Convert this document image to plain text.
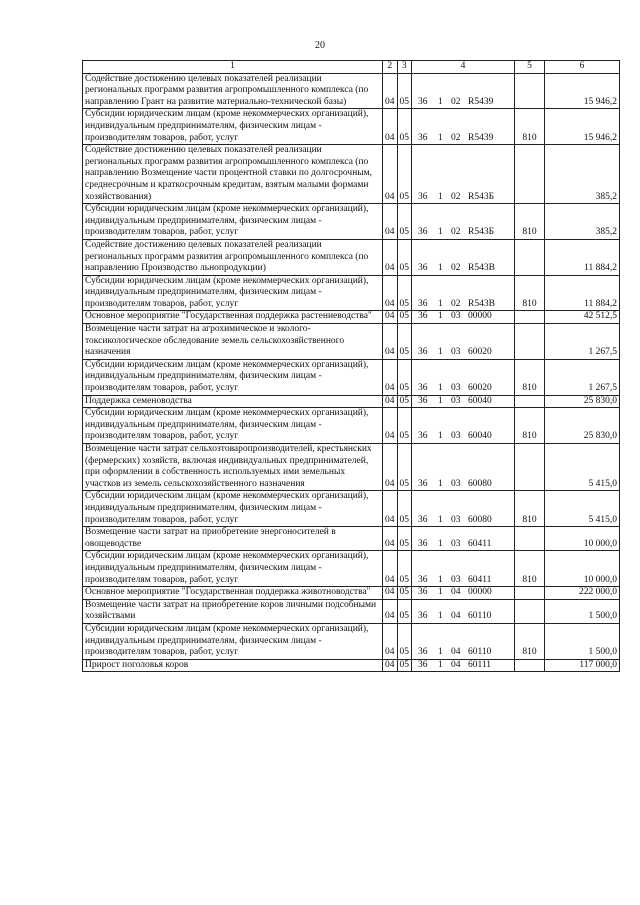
20
1	2	3	4	5	6
Содействие достижению целевых показателей реализации региональных программ развития агропромышленного комплекса (по направлению Грант на развитие материально-технической базы)	04	05	36 1 02 R5439		15 946,2
Субсидии юридическим лицам (кроме некоммерческих организаций), индивидуальным предпринимателям, физическим лицам - производителям товаров, работ, услуг	04	05	36 1 02 R5439	810	15 946,2
Содействие достижению целевых показателей реализации региональных программ развития агропромышленного комплекса (по направлению Возмещение части процентной ставки по долгосрочным, среднесрочным и краткосрочным кредитам, взятым малыми формами хозяйствования)	04	05	36 1 02 R543Б		385,2
Субсидии юридическим лицам (кроме некоммерческих организаций), индивидуальным предпринимателям, физическим лицам - производителям товаров, работ, услуг	04	05	36 1 02 R543Б	810	385,2
Содействие достижению целевых показателей реализации региональных программ развития агропромышленного комплекса (по направлению Производство льнопродукции)	04	05	36 1 02 R543В		11 884,2
Субсидии юридическим лицам (кроме некоммерческих организаций), индивидуальным предпринимателям, физическим лицам - производителям товаров, работ, услуг	04	05	36 1 02 R543В	810	11 884,2
Основное мероприятие "Государственная поддержка растениеводства"	04	05	36 1 03 00000		42 512,5
Возмещение части затрат на агрохимическое и эколого-токсикологическое обследование земель сельскохозяйственного назначения	04	05	36 1 03 60020		1 267,5
Субсидии юридическим лицам (кроме некоммерческих организаций), индивидуальным предпринимателям, физическим лицам - производителям товаров, работ, услуг	04	05	36 1 03 60020	810	1 267,5
Поддержка семеноводства	04	05	36 1 03 60040		25 830,0
Субсидии юридическим лицам (кроме некоммерческих организаций), индивидуальным предпринимателям, физическим лицам - производителям товаров, работ, услуг	04	05	36 1 03 60040	810	25 830,0
Возмещение части затрат сельхозтоваропроизводителей, крестьянских (фермерских) хозяйств, включая индивидуальных предпринимателей, при оформлении в собственность используемых ими земельных участков из земель сельскохозяйственного назначения	04	05	36 1 03 60080		5 415,0
Субсидии юридическим лицам (кроме некоммерческих организаций), индивидуальным предпринимателям, физическим лицам - производителям товаров, работ, услуг	04	05	36 1 03 60080	810	5 415,0
Возмещение части затрат на приобретение энергоносителей в овощеводстве	04	05	36 1 03 60411		10 000,0
Субсидии юридическим лицам (кроме некоммерческих организаций), индивидуальным предпринимателям, физическим лицам - производителям товаров, работ, услуг	04	05	36 1 03 60411	810	10 000,0
Основное мероприятие "Государственная поддержка животноводства"	04	05	36 1 04 00000		222 000,0
Возмещение части затрат на приобретение коров личными подсобными хозяйствами	04	05	36 1 04 60110		1 500,0
Субсидии юридическим лицам (кроме некоммерческих организаций), индивидуальным предпринимателям, физическим лицам - производителям товаров, работ, услуг	04	05	36 1 04 60110	810	1 500,0
Прирост поголовья коров	04	05	36 1 04 60111		117 000,0
